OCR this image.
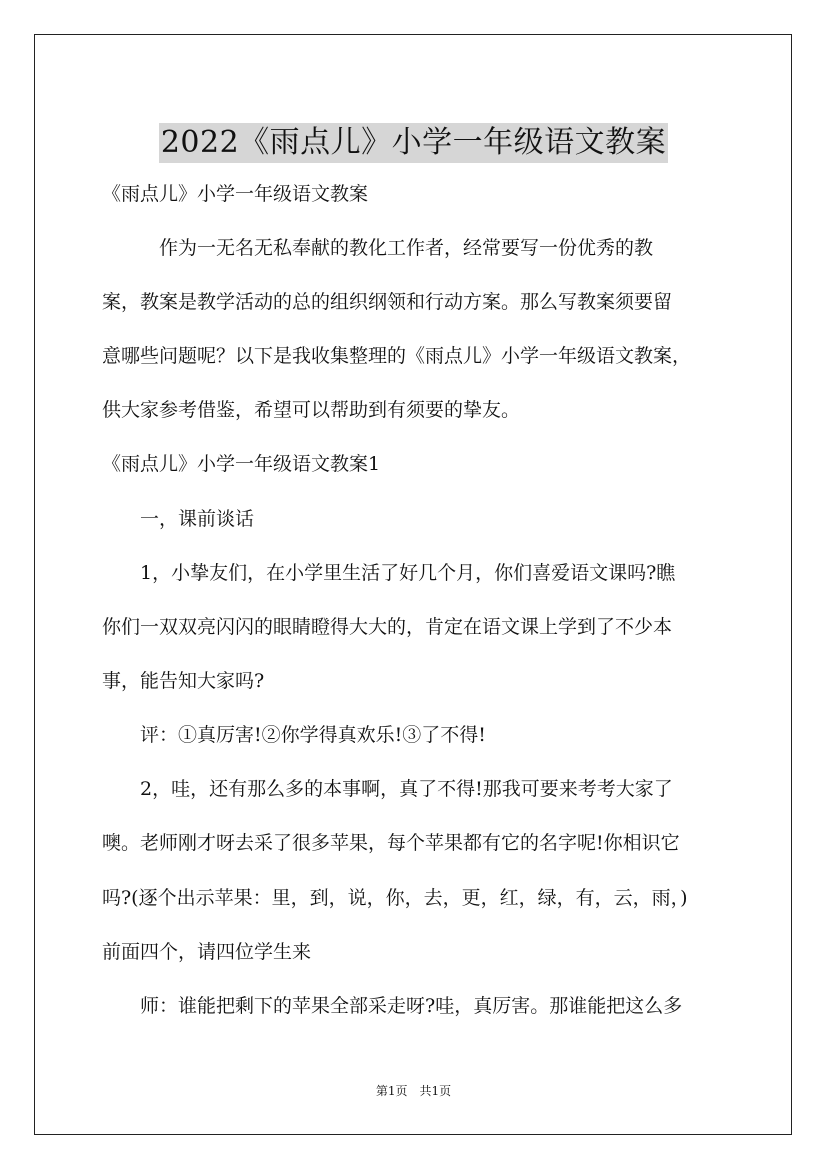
2022《雨点儿》小学一年级语文教案
《雨点儿》小学一年级语文教案
　　　作为一无名无私奉献的教化工作者，经常要写一份优秀的教
案，教案是教学活动的总的组织纲领和行动方案。那么写教案须要留
意哪些问题呢？以下是我收集整理的《雨点儿》小学一年级语文教案，
供大家参考借鉴，希望可以帮助到有须要的挚友。
《雨点儿》小学一年级语文教案1
　　一，课前谈话
　　1，小挚友们，在小学里生活了好几个月，你们喜爱语文课吗?瞧
你们一双双亮闪闪的眼睛瞪得大大的，肯定在语文课上学到了不少本
事，能告知大家吗?
　　评：①真厉害!②你学得真欢乐!③了不得!
　　2，哇，还有那么多的本事啊，真了不得!那我可要来考考大家了
噢。老师刚才呀去采了很多苹果，每个苹果都有它的名字呢!你相识它
吗?(逐个出示苹果：里，到，说，你，去，更，红，绿，有，云，雨，)
前面四个，请四位学生来
　　师：谁能把剩下的苹果全部采走呀?哇，真厉害。那谁能把这么多
第1页　共1页
